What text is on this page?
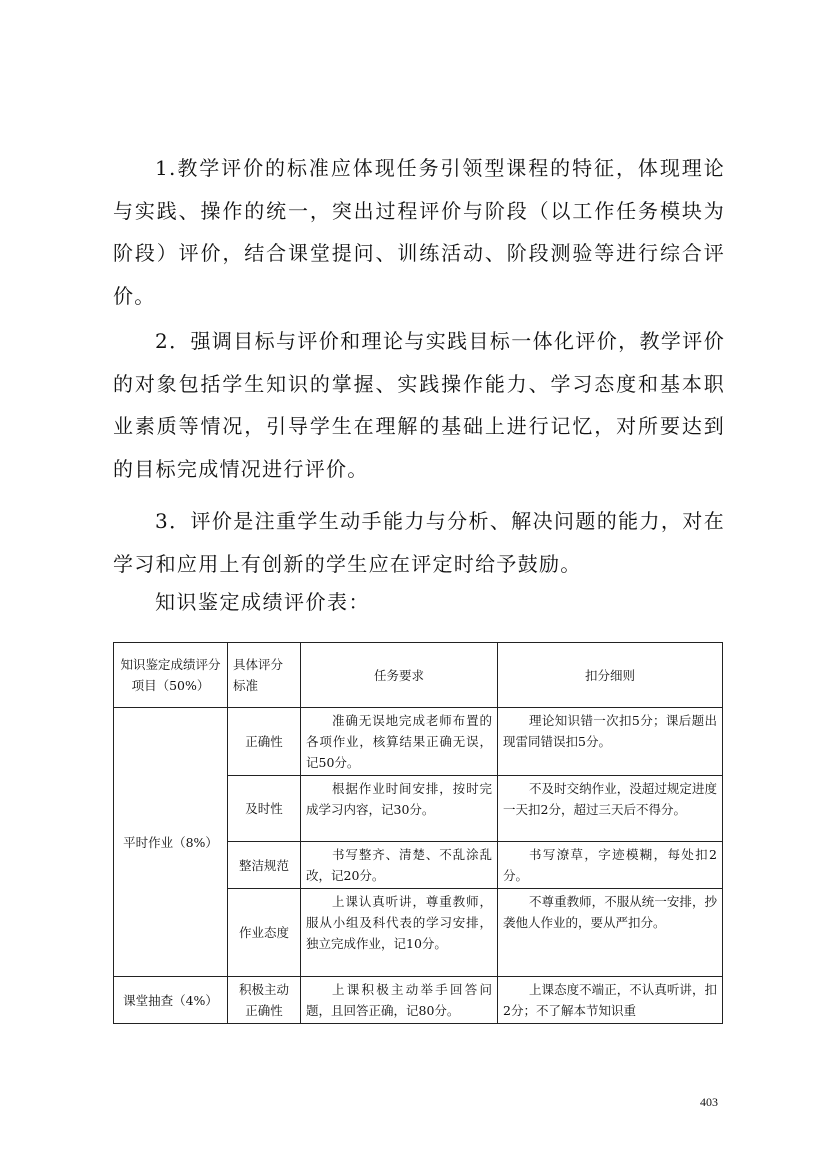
1.教学评价的标准应体现任务引领型课程的特征，体现理论与实践、操作的统一，突出过程评价与阶段（以工作任务模块为阶段）评价，结合课堂提问、训练活动、阶段测验等进行综合评价。

2．强调目标与评价和理论与实践目标一体化评价，教学评价的对象包括学生知识的掌握、实践操作能力、学习态度和基本职业素质等情况，引导学生在理解的基础上进行记忆，对所要达到的目标完成情况进行评价。

3．评价是注重学生动手能力与分析、解决问题的能力，对在学习和应用上有创新的学生应在评定时给予鼓励。

知识鉴定成绩评价表：

知识鉴定成绩评分项目（50%）	具体评分标准	任务要求	扣分细则
平时作业（8%）	正确性	准确无误地完成老师布置的各项作业，核算结果正确无误，记50分。	理论知识错一次扣5分；课后题出现雷同错误扣5分。
	及时性	根据作业时间安排，按时完成学习内容，记30分。	不及时交纳作业，没超过规定进度一天扣2分，超过三天后不得分。
	整洁规范	书写整齐、清楚、不乱涂乱改，记20分。	书写潦草，字迹模糊，每处扣2分。
	作业态度	上课认真听讲，尊重教师，服从小组及科代表的学习安排，独立完成作业，记10分。	不尊重教师，不服从统一安排，抄袭他人作业的，要从严扣分。
课堂抽查（4%）	积极主动正确性	上课积极主动举手回答问题，且回答正确，记80分。	上课态度不端正，不认真听讲，扣2分；不了解本节知识重
403
